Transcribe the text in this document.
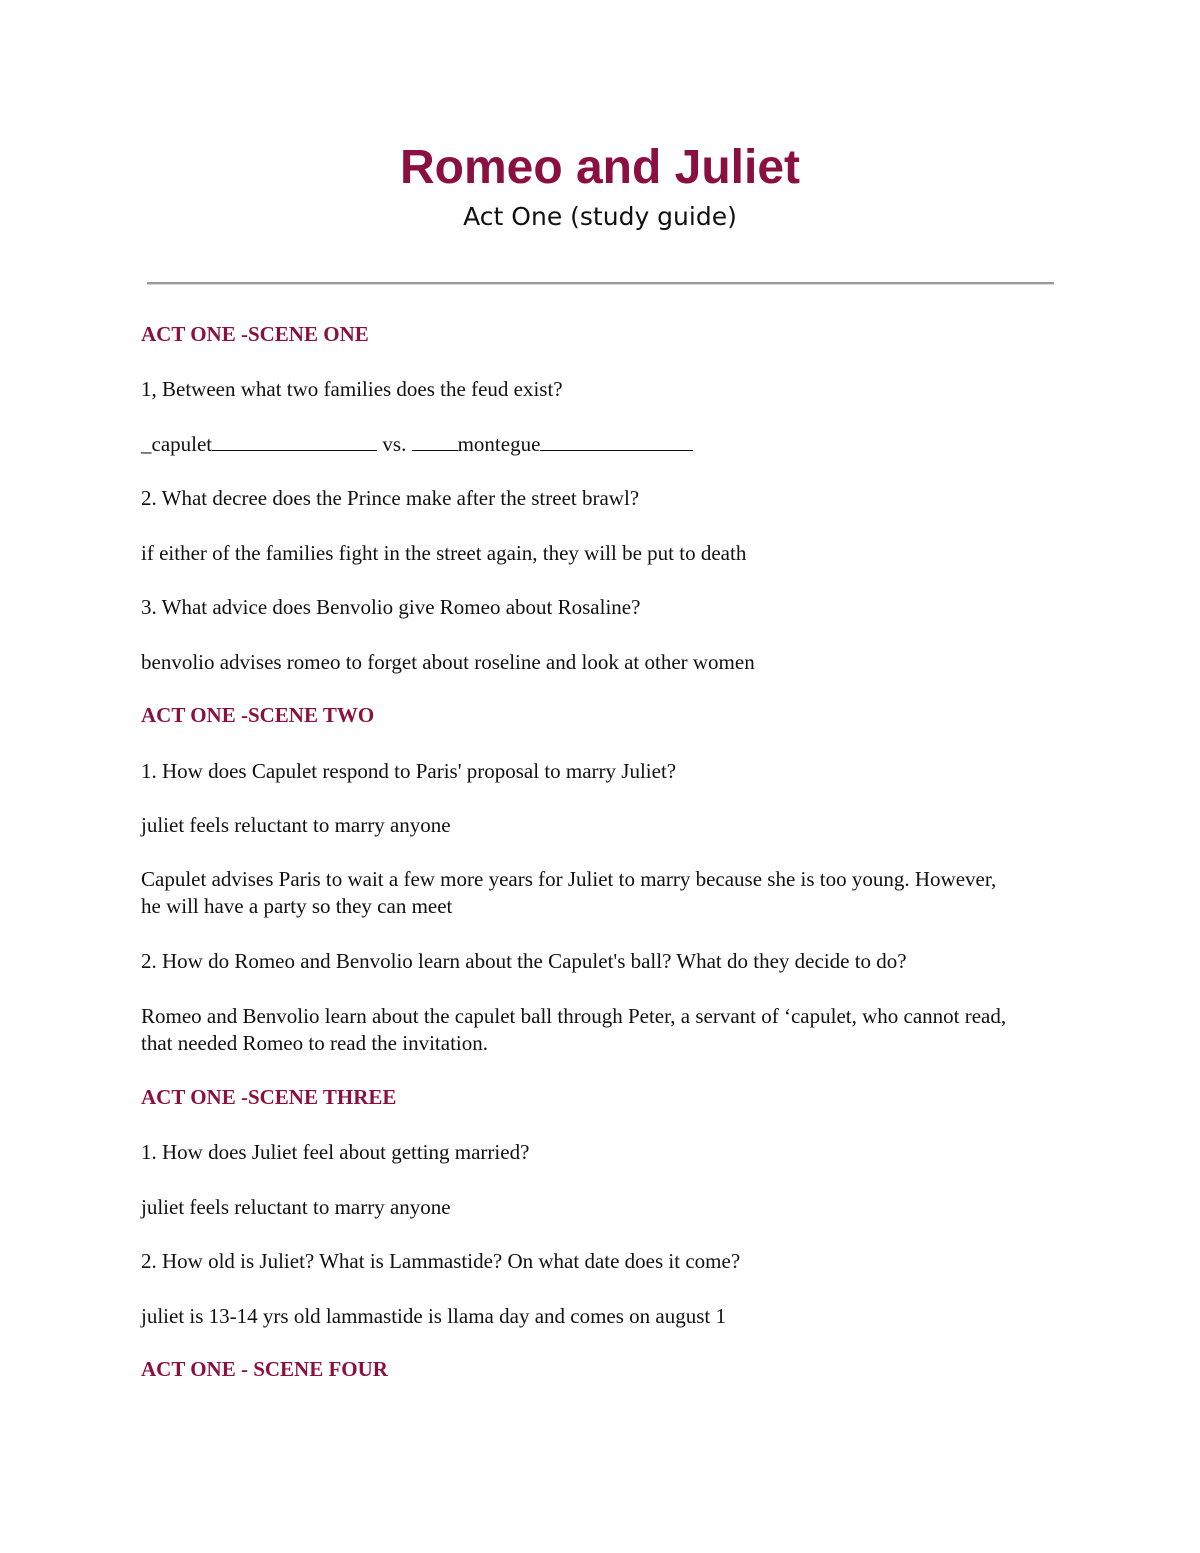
Romeo and Juliet

Act One (study guide)

ACT ONE -SCENE ONE

1, Between what two families does the feud exist?

_capulet	vs. montegue

2. What decree does the Prince make after the street brawl?

if either of the families fight in the street again, they will be put to death

3. What advice does Benvolio give Romeo about Rosaline?

benvolio advises romeo to forget about roseline and look at other women

ACT ONE -SCENE TWO

1. How does Capulet respond to Paris' proposal to marry Juliet?

juliet feels reluctant to marry anyone

Capulet advises Paris to wait a few more years for Juliet to marry because she is too young. However, he will have a party so they can meet

2. How do Romeo and Benvolio learn about the Capulet's ball? What do they decide to do?

Romeo and Benvolio learn about the capulet ball through Peter, a servant of ‘capulet, who cannot read, that needed Romeo to read the invitation.

ACT ONE -SCENE THREE

1. How does Juliet feel about getting married?

juliet feels reluctant to marry anyone

2. How old is Juliet? What is Lammastide? On what date does it come?

juliet is 13-14 yrs old lammastide is llama day and comes on august 1

ACT ONE - SCENE FOUR
